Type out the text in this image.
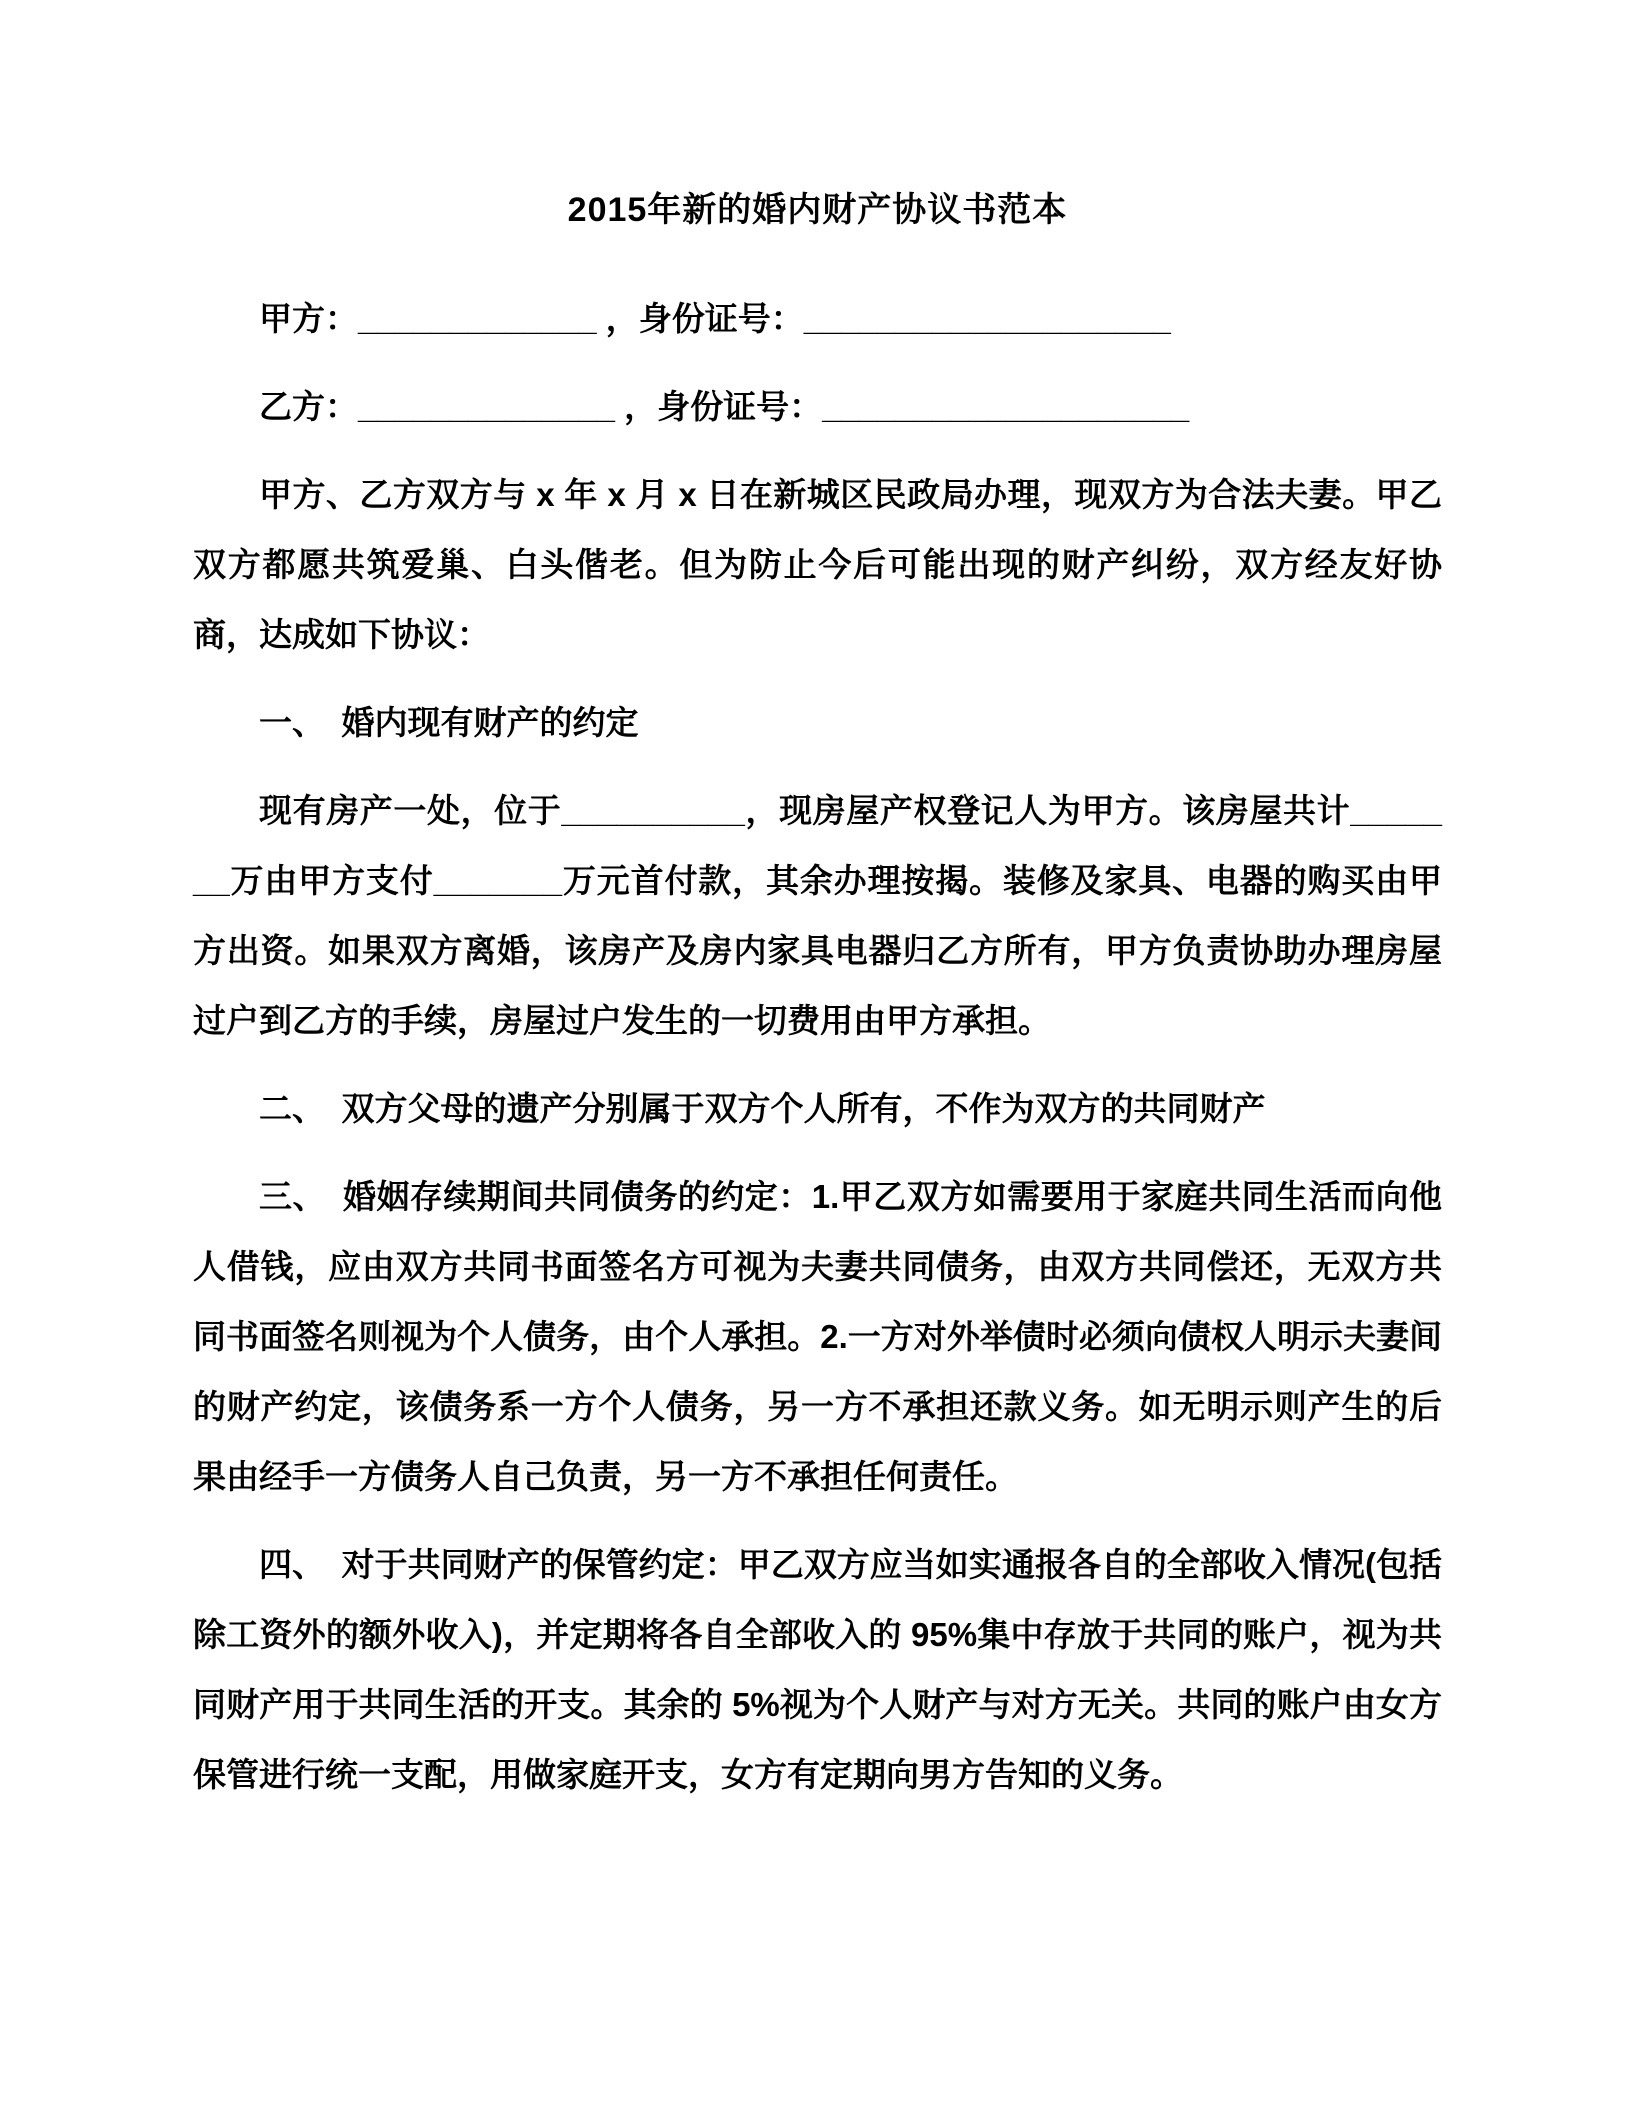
2015年新的婚内财产协议书范本

甲方：_____________ ，身份证号：____________________

乙方：______________ ，身份证号：____________________

甲方、乙方双方与 x 年 x 月 x 日在新城区民政局办理，现双方为合法夫妻。甲乙双方都愿共筑爱巢、白头偕老。但为防止今后可能出现的财产纠纷，双方经友好协商，达成如下协议：

一、　婚内现有财产的约定

现有房产一处，位于__________，现房屋产权登记人为甲方。该房屋共计_______万由甲方支付_______万元首付款，其余办理按揭。装修及家具、电器的购买由甲方出资。如果双方离婚，该房产及房内家具电器归乙方所有，甲方负责协助办理房屋过户到乙方的手续，房屋过户发生的一切费用由甲方承担。

二、　双方父母的遗产分别属于双方个人所有，不作为双方的共同财产

三、　婚姻存续期间共同债务的约定：1.甲乙双方如需要用于家庭共同生活而向他人借钱，应由双方共同书面签名方可视为夫妻共同债务，由双方共同偿还，无双方共同书面签名则视为个人债务，由个人承担。2.一方对外举债时必须向债权人明示夫妻间的财产约定，该债务系一方个人债务，另一方不承担还款义务。如无明示则产生的后果由经手一方债务人自己负责，另一方不承担任何责任。

四、　对于共同财产的保管约定：甲乙双方应当如实通报各自的全部收入情况(包括除工资外的额外收入)，并定期将各自全部收入的 95%集中存放于共同的账户，视为共同财产用于共同生活的开支。其余的 5%视为个人财产与对方无关。共同的账户由女方保管进行统一支配，用做家庭开支，女方有定期向男方告知的义务。
